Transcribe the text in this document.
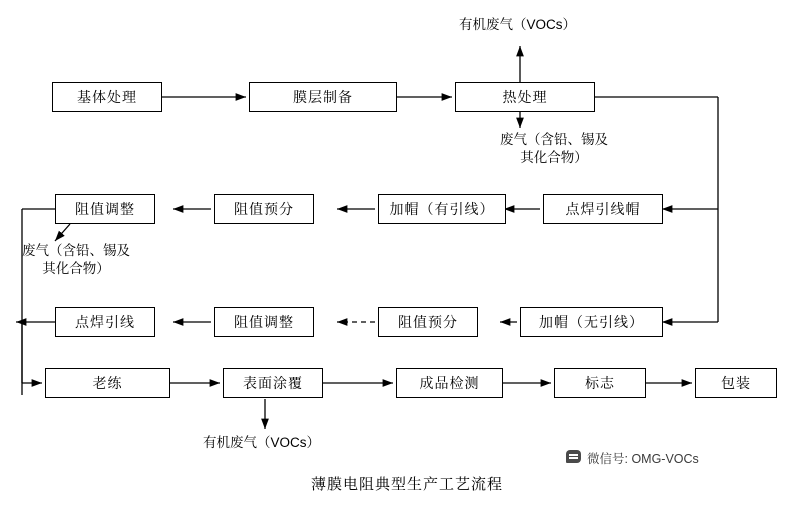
基体处理	膜层制备	热处理
点焊引线帽
加帽（有引线）
阻值预分
阻值调整
加帽（无引线）
阻值预分
阻值调整
点焊引线
老练	表面涂覆	成品检测	标志	包装
有机废气（VOCs）
废气（含铅、锡及
其化合物）
废气（含铅、锡及
其化合物）
有机废气（VOCs）
薄膜电阻典型生产工艺流程
微信号: OMG-VOCs
